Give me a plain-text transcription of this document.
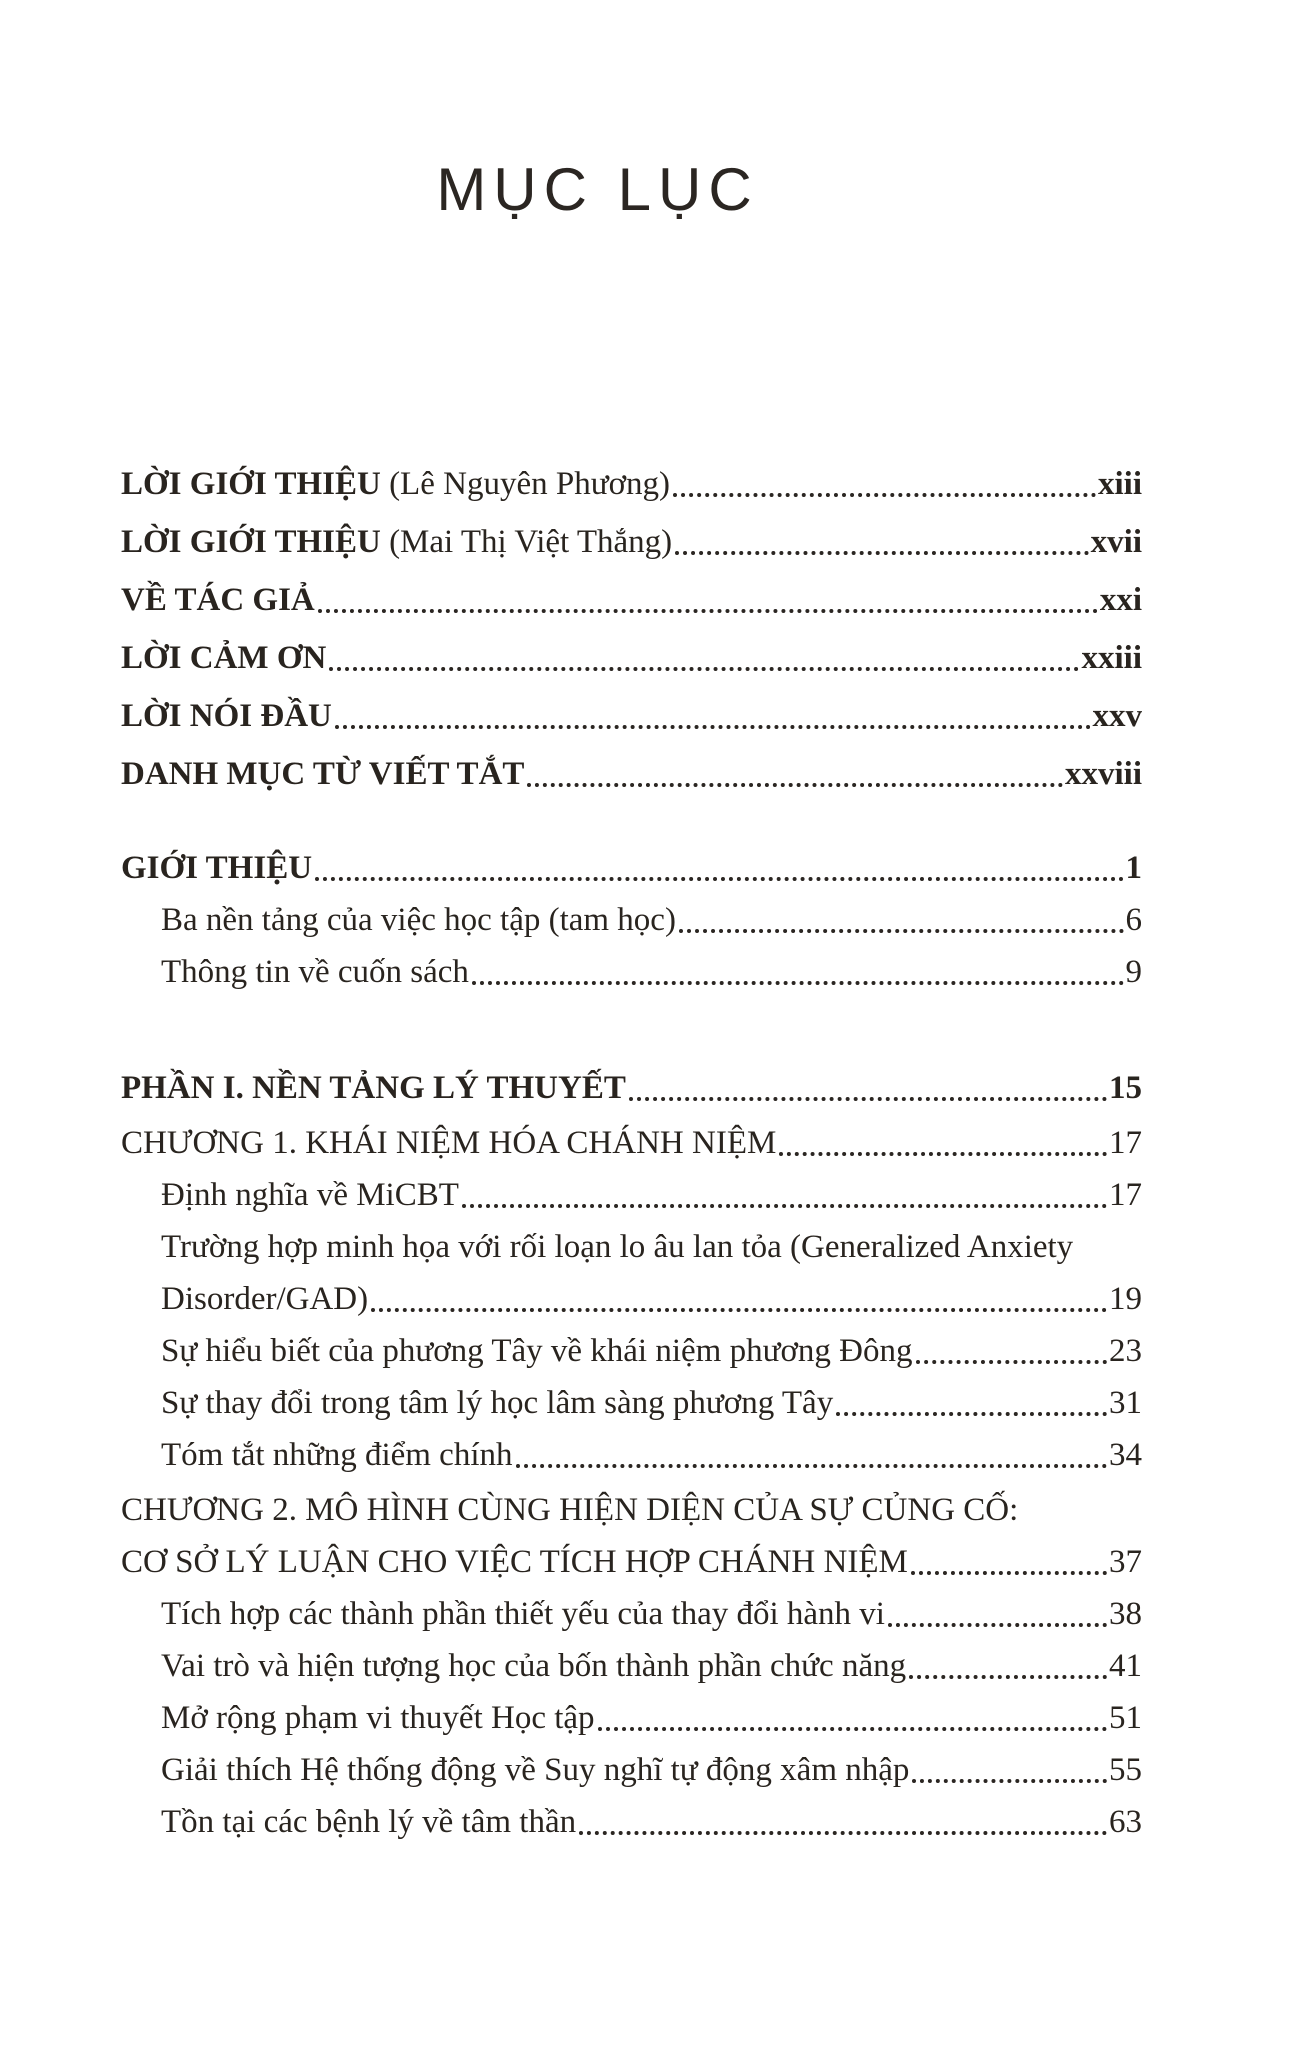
MỤC LỤC
LỜI GIỚI THIỆU (Lê Nguyên Phương)	xiii
LỜI GIỚI THIỆU (Mai Thị Việt Thắng)	xvii
VỀ TÁC GIẢ	xxi
LỜI CẢM ƠN	xxiii
LỜI NÓI ĐẦU	xxv
DANH MỤC TỪ VIẾT TẮT	xxviii
GIỚI THIỆU	1
Ba nền tảng của việc học tập (tam học)	6
Thông tin về cuốn sách	9
PHẦN I. NỀN TẢNG LÝ THUYẾT	15
CHƯƠNG 1. KHÁI NIỆM HÓA CHÁNH NIỆM	17
Định nghĩa về MiCBT	17
Trường hợp minh họa với rối loạn lo âu lan tỏa (Generalized Anxiety
Disorder/GAD)	19
Sự hiểu biết của phương Tây về khái niệm phương Đông	23
Sự thay đổi trong tâm lý học lâm sàng phương Tây	31
Tóm tắt những điểm chính	34
CHƯƠNG 2. MÔ HÌNH CÙNG HIỆN DIỆN CỦA SỰ CỦNG CỐ:
CƠ SỞ LÝ LUẬN CHO VIỆC TÍCH HỢP CHÁNH NIỆM	37
Tích hợp các thành phần thiết yếu của thay đổi hành vi	38
Vai trò và hiện tượng học của bốn thành phần chức năng	41
Mở rộng phạm vi thuyết Học tập	51
Giải thích Hệ thống động về Suy nghĩ tự động xâm nhập	55
Tồn tại các bệnh lý về tâm thần	63
